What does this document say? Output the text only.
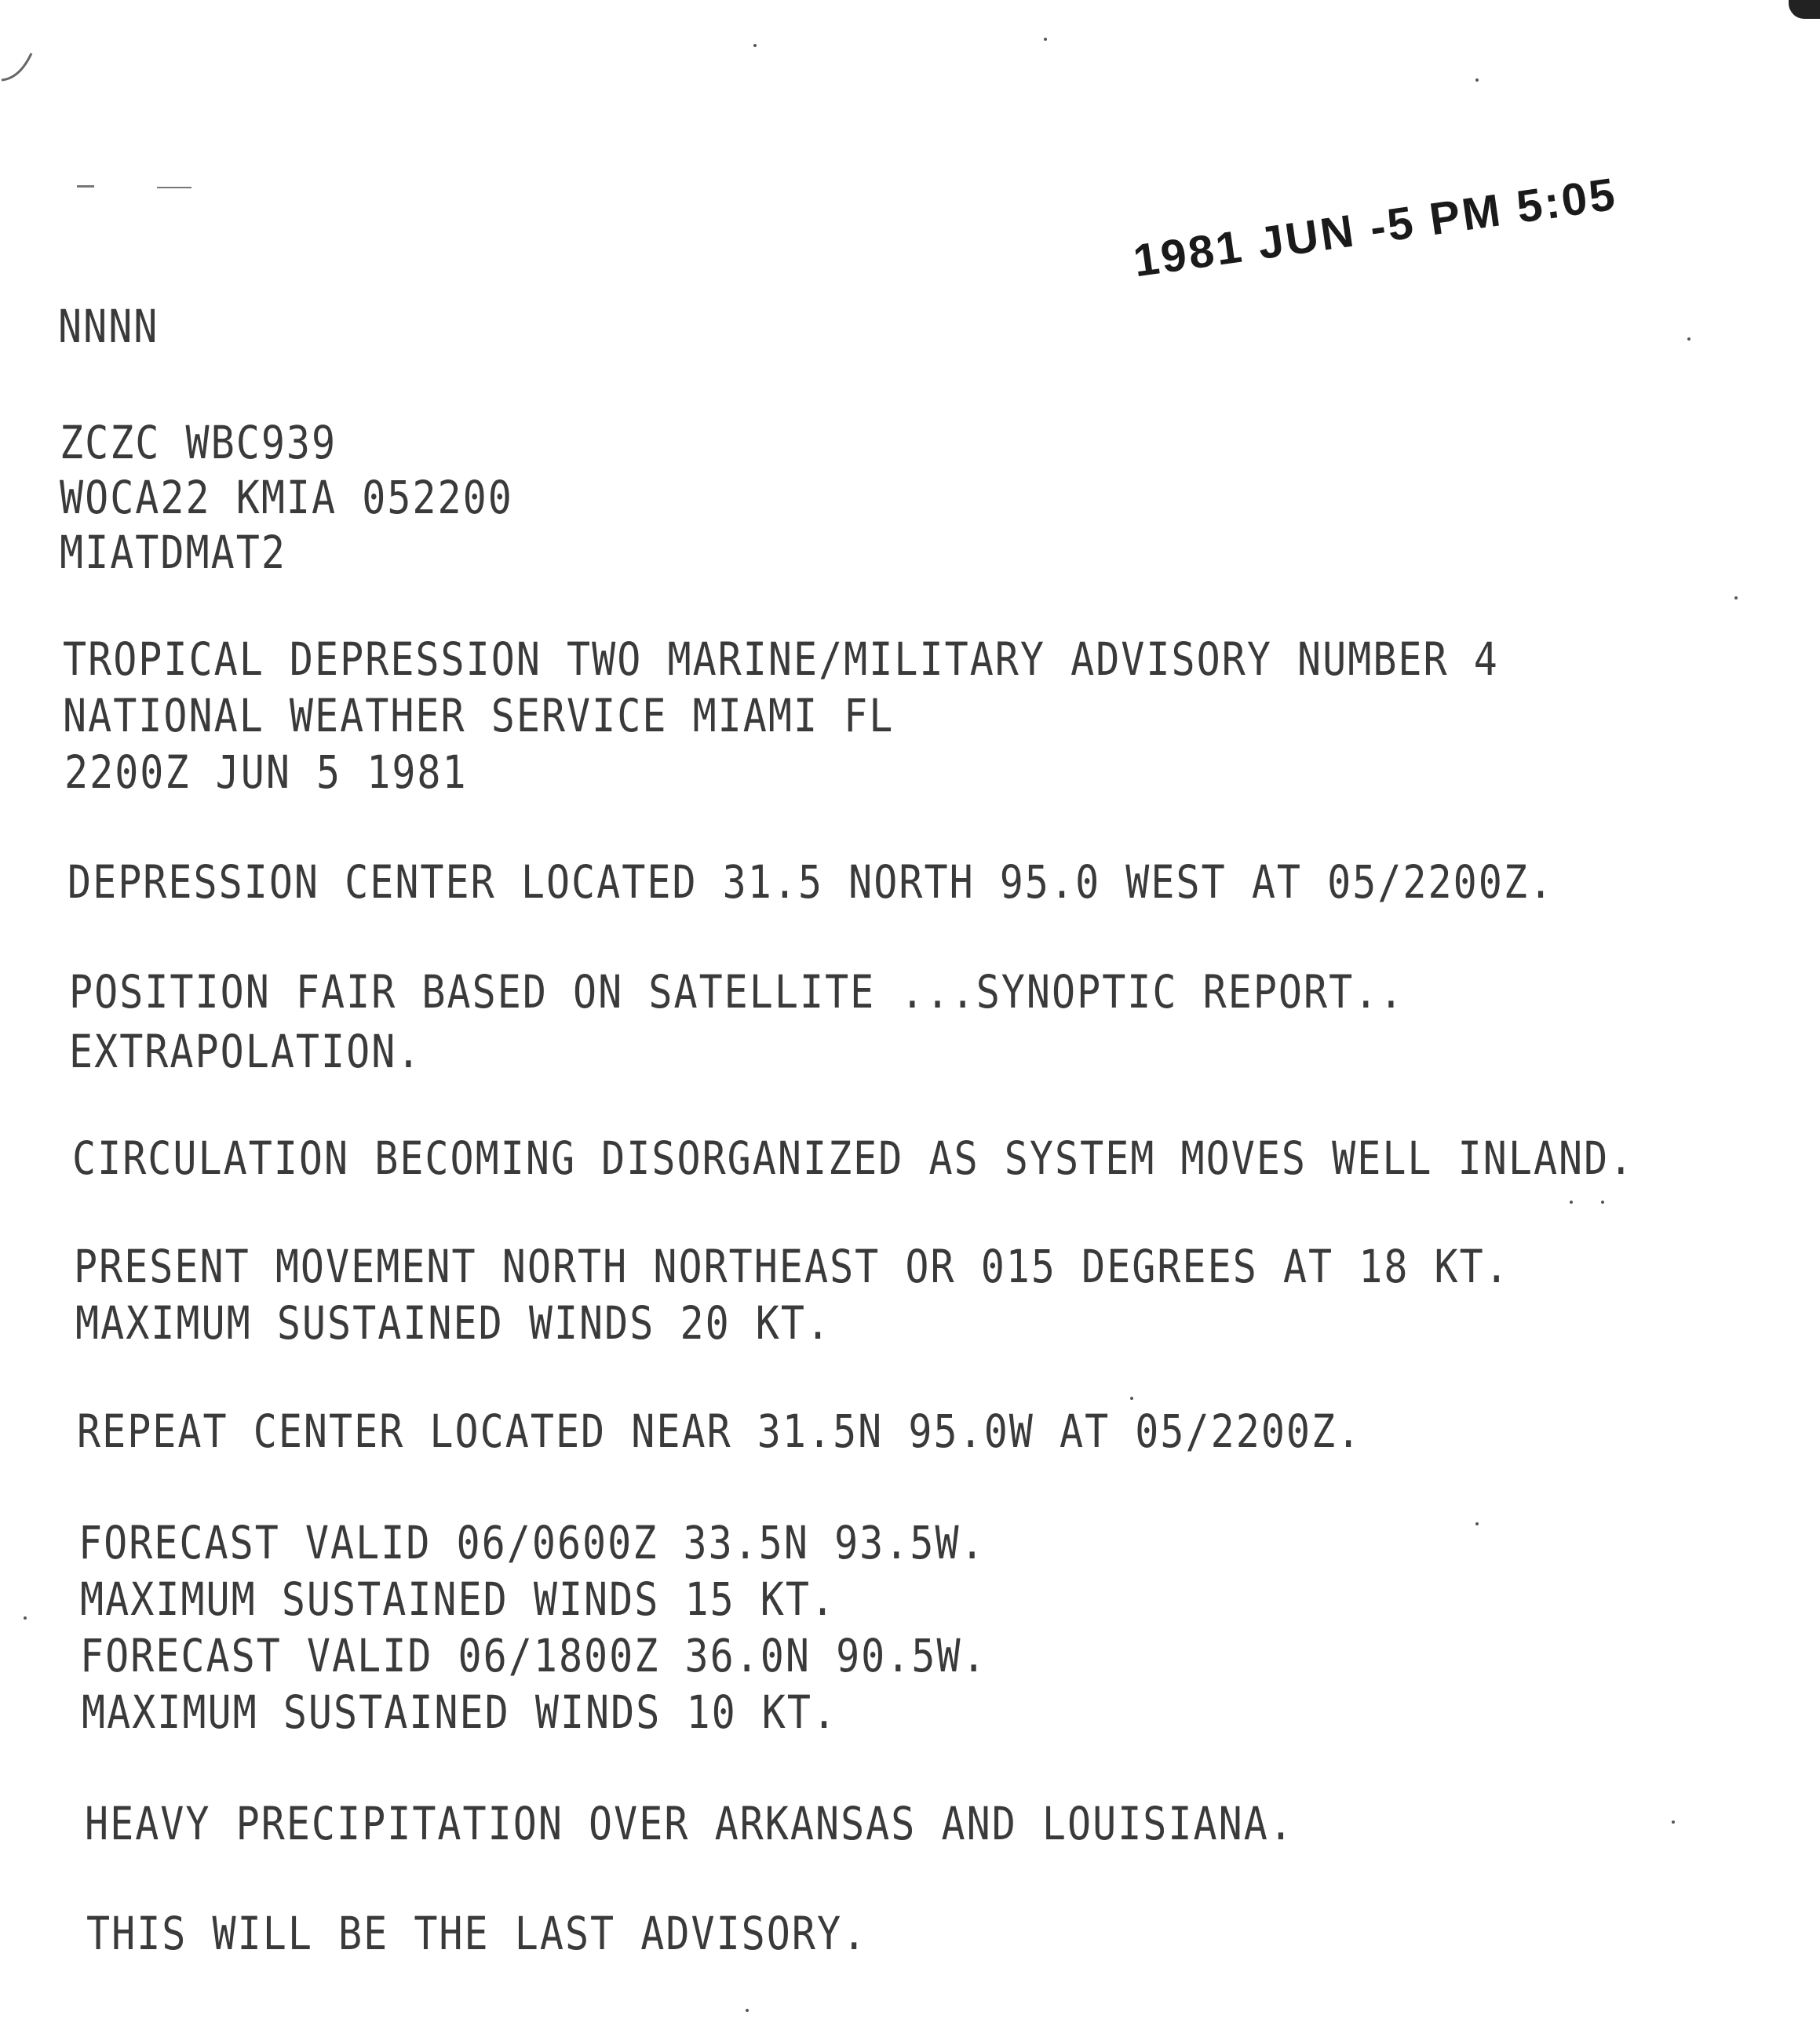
1981 JUN -5 PM 5:05
NNNN
ZCZC WBC939
WOCA22 KMIA 052200
MIATDMAT2
TROPICAL DEPRESSION TWO MARINE/MILITARY ADVISORY NUMBER 4
NATIONAL WEATHER SERVICE MIAMI FL
2200Z JUN 5 1981
DEPRESSION CENTER LOCATED 31.5 NORTH 95.0 WEST AT 05/2200Z.
POSITION FAIR BASED ON SATELLITE ...SYNOPTIC REPORT..
EXTRAPOLATION.
CIRCULATION BECOMING DISORGANIZED AS SYSTEM MOVES WELL INLAND.
PRESENT MOVEMENT NORTH NORTHEAST OR 015 DEGREES AT 18 KT.
MAXIMUM SUSTAINED WINDS 20 KT.
REPEAT CENTER LOCATED NEAR 31.5N 95.0W AT 05/2200Z.
FORECAST VALID 06/0600Z 33.5N 93.5W.
MAXIMUM SUSTAINED WINDS 15 KT.
FORECAST VALID 06/1800Z 36.0N 90.5W.
MAXIMUM SUSTAINED WINDS 10 KT.
HEAVY PRECIPITATION OVER ARKANSAS AND LOUISIANA.
THIS WILL BE THE LAST ADVISORY.
